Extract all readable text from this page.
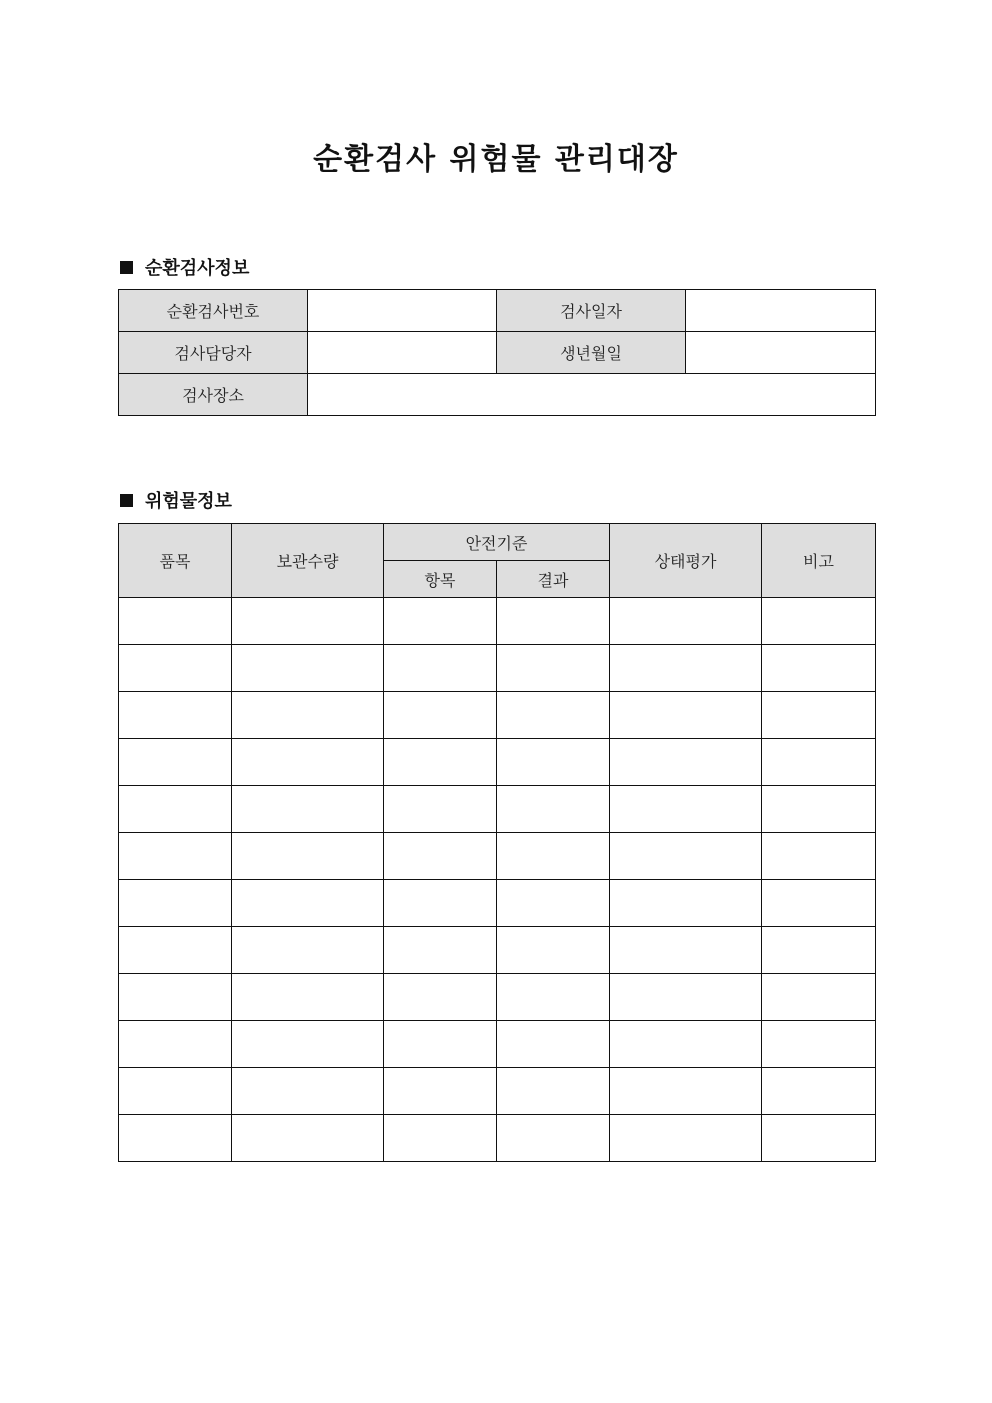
순환검사 위험물 관리대장
순환검사정보
순환검사번호		검사일자	
검사담당자		생년월일	
검사장소			
위험물정보
품목	보관수량	안전기준		상태평가	비고
		항목	결과		
